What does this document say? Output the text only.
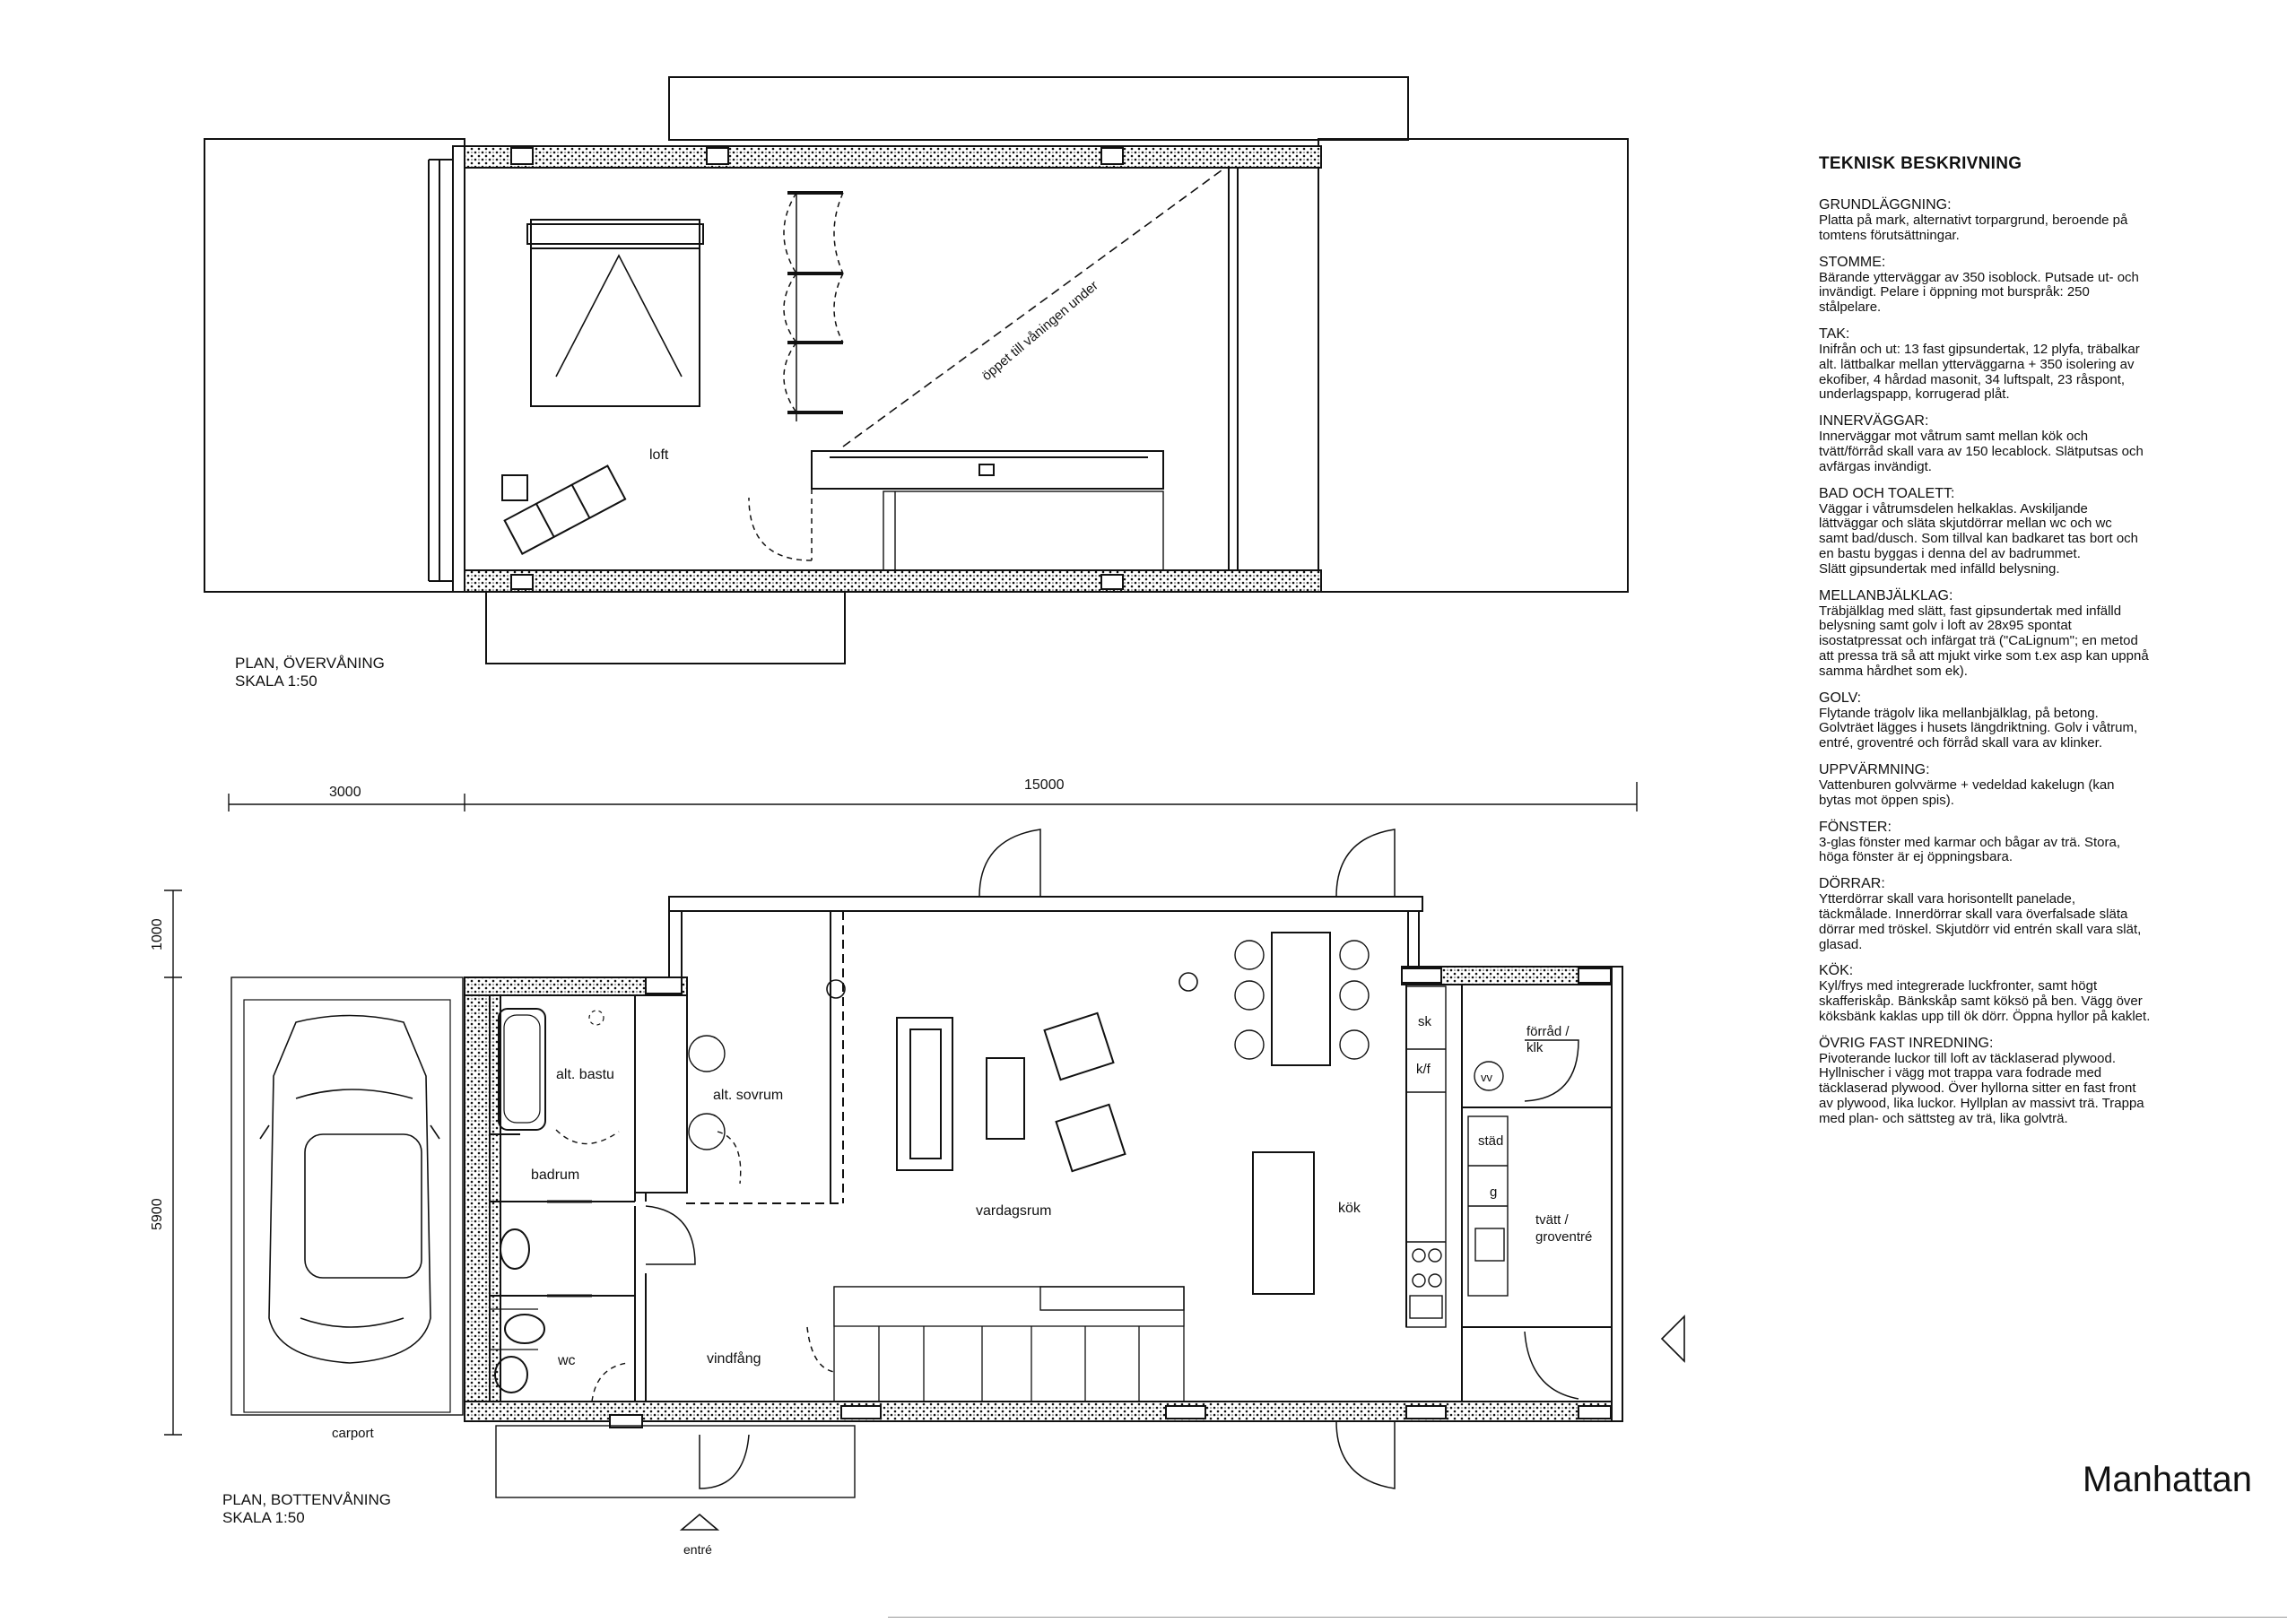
PLAN, ÖVERVÅNING
SKALA 1:50
loft
öppet till våningen under
PLAN, BOTTENVÅNING
SKALA 1:50
alt. bastu
badrum
alt. sovrum
vardagsrum	kök
wc	vindfång
förråd /
klk
tvätt /
groventré
carport
entré
sk
k/f
vv
städ
g
3000	15000
1000
5900
TEKNISK BESKRIVNING
GRUNDLÄGGNING:
Platta på mark, alternativt torpargrund, beroende på
tomtens förutsättningar.
STOMME:
Bärande ytterväggar av 350 isoblock. Putsade ut- och
invändigt. Pelare i öppning mot burspråk: 250
stålpelare.
TAK:
Inifrån och ut: 13 fast gipsundertak, 12 plyfa, träbalkar
alt. lättbalkar mellan ytterväggarna + 350 isolering av
ekofiber, 4 hårdad masonit, 34 luftspalt, 23 råspont,
underlagspapp, korrugerad plåt.
INNERVÄGGAR:
Innerväggar mot våtrum samt mellan kök och
tvätt/förråd skall vara av 150 lecablock. Slätputsas och
avfärgas invändigt.
BAD OCH TOALETT:
Väggar i våtrumsdelen helkaklas. Avskiljande
lättväggar och släta skjutdörrar mellan wc och wc
samt bad/dusch. Som tillval kan badkaret tas bort och
en bastu byggas i denna del av badrummet.
Slätt gipsundertak med infälld belysning.
MELLANBJÄLKLAG:
Träbjälklag med slätt, fast gipsundertak med infälld
belysning samt golv i loft av 28x95 spontat
isostatpressat och infärgat trä ("CaLignum"; en metod
att pressa trä så att mjukt virke som t.ex asp kan uppnå
samma hårdhet som ek).
GOLV:
Flytande trägolv lika mellanbjälklag, på betong.
Golvträet lägges i husets längdriktning. Golv i våtrum,
entré, groventré och förråd skall vara av klinker.
UPPVÄRMNING:
Vattenburen golvvärme + vedeldad kakelugn (kan
bytas mot öppen spis).
FÖNSTER:
3-glas fönster med karmar och bågar av trä. Stora,
höga fönster är ej öppningsbara.
DÖRRAR:
Ytterdörrar skall vara horisontellt panelade,
täckmålade. Innerdörrar skall vara överfalsade släta
dörrar med tröskel. Skjutdörr vid entrén skall vara slät,
glasad.
KÖK:
Kyl/frys med integrerade luckfronter, samt högt
skafferiskåp. Bänkskåp samt köksö på ben. Vägg över
köksbänk kaklas upp till ök dörr. Öppna hyllor på kaklet.
ÖVRIG FAST INREDNING:
Pivoterande luckor till loft av täcklaserad plywood.
Hyllnischer i vägg mot trappa vara fodrade med
täcklaserad plywood. Över hyllorna sitter en fast front
av plywood, lika luckor. Hyllplan av massivt trä. Trappa
med plan- och sättsteg av trä, lika golvträ.
Manhattan
